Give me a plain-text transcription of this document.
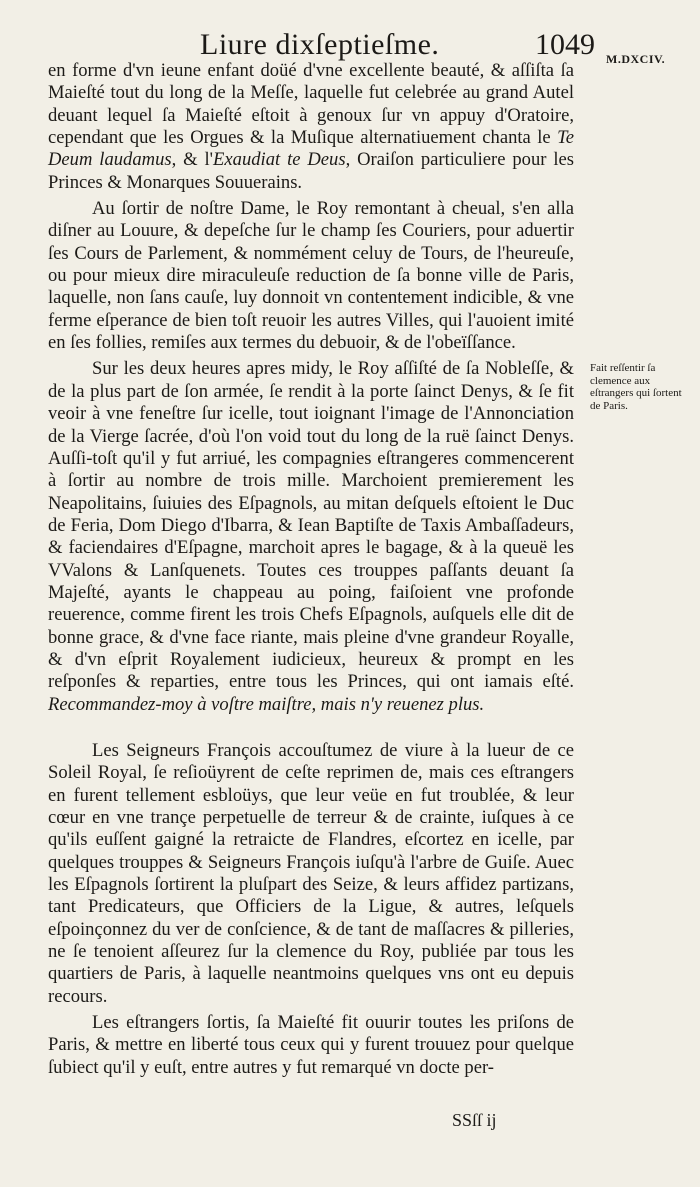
Liure dixſeptieſme.	1049 M.DXCIV.

en forme d'vn ieune enfant doüé d'vne excellente beauté, & aſſiſta ſa Maieſté tout du long de la Meſſe, laquelle fut celebrée au grand Autel deuant lequel ſa Maieſté eſtoit à genoux ſur vn appuy d'Oratoire, cependant que les Orgues & la Muſique alternatiuement chanta le Te Deum laudamus, & l'Exaudiat te Deus, Oraiſon particuliere pour les Princes & Monarques Souuerains.

Au ſortir de noſtre Dame, le Roy remontant à cheual, s'en alla diſner au Louure, & depeſche ſur le champ ſes Couriers, pour aduertir ſes Cours de Parlement, & nommément celuy de Tours, de l'heureuſe, ou pour mieux dire miraculeuſe reduction de ſa bonne ville de Paris, laquelle, non ſans cauſe, luy donnoit vn contentement indicible, & vne ferme eſperance de bien toſt reuoir les autres Villes, qui l'auoient imité en ſes follies, remiſes aux termes du debuoir, & de l'obeïſſance.

Sur les deux heures apres midy, le Roy aſſiſté de ſa Nobleſſe, & de la plus part de ſon armée, ſe rendit à la porte ſainct Denys, & ſe fit veoir à vne feneſtre ſur icelle, tout ioignant l'image de l'Annonciation de la Vierge ſacrée, d'où l'on void tout du long de la ruë ſainct Denys. Auſſi-toſt qu'il y fut arriué, les compagnies eſtrangeres commencerent à ſortir au nombre de trois mille. Marchoient premierement les Neapolitains, ſuiuies des Eſpagnols, au mitan deſquels eſtoient le Duc de Feria, Dom Diego d'Ibarra, & Iean Baptiſte de Taxis Ambaſſadeurs, & faciendaires d'Eſpagne, marchoit apres le bagage, & à la queuë les VValons & Lanſquenets. Toutes ces trouppes paſſants deuant ſa Majeſté, ayants le chappeau au poing, faiſoient vne profonde reuerence, comme firent les trois Chefs Eſpagnols, auſquels elle dit de bonne grace, & d'vne face riante, mais pleine d'vne grandeur Royalle, & d'vn eſprit Royalement iudicieux, heureux & prompt en les reſponſes & reparties, entre tous les Princes, qui ont iamais eſté. Recommandez-moy à voſtre maiſtre, mais n'y reuenez plus.

Les Seigneurs François accouſtumez de viure à la lueur de ce Soleil Royal, ſe reſioüyrent de ceſte reprimen de, mais ces eſtrangers en furent tellement esbloüys, que leur veüe en fut troublée, & leur cœur en vne trançe perpetuelle de terreur & de crainte, iuſques à ce qu'ils euſſent gaigné la retraicte de Flandres, eſcortez en icelle, par quelques trouppes & Seigneurs François iuſqu'à l'arbre de Guiſe. Auec les Eſpagnols ſortirent la pluſpart des Seize, & leurs affidez partizans, tant Predicateurs, que Officiers de la Ligue, & autres, leſquels eſpoinçonnez du ver de conſcience, & de tant de maſſacres & pilleries, ne ſe tenoient aſſeurez ſur la clemence du Roy, publiée par tous les quartiers de Paris, à laquelle neantmoins quelques vns ont eu depuis recours.

Les eſtrangers ſortis, ſa Maieſté fit ouurir toutes les priſons de Paris, & mettre en liberté tous ceux qui y furent trouuez pour quelque ſubiect qu'il y euſt, entre autres y fut remarqué vn docte per-

Fait reſſentir ſa clemence aux eſtrangers qui ſortent de Paris.
SSſſ ij
